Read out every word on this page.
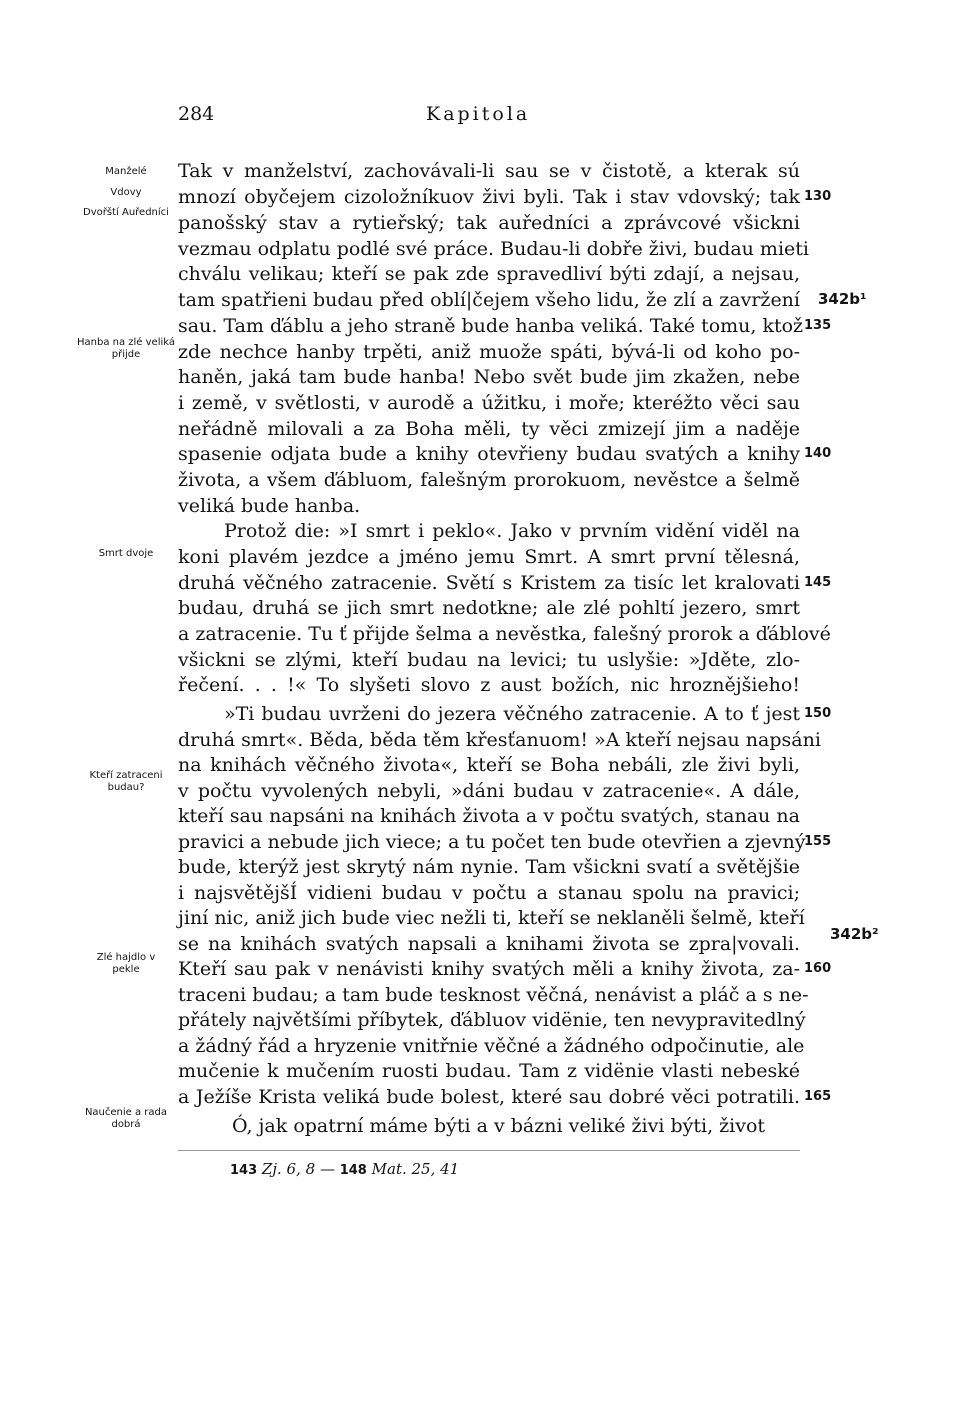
284	Kapitola
Manželé
Vdovy
Dvořští Auředníci
Hanba na zlé veliká přijde
Smrt dvoje
Kteří zatraceni budau?
Zlé hajdlo v pekle
Naučenie a rada dobrá
Tak v manželství, zachovávali-li sau se v čistotě, a kterak sú
mnozí obyčejem cizoložníkuov živi byli. Tak i stav vdovský; tak
panošský stav a rytieřský; tak auředníci a zprávcové všickni
vezmau odplatu podlé své práce. Budau-li dobře živi, budau mieti
chválu velikau; kteří se pak zde spravedliví býti zdají, a nejsau,
tam spatřieni budau před oblí|čejem všeho lidu, že zlí a zavržení
sau. Tam ďáblu a jeho straně bude hanba veliká. Také tomu, ktož
zde nechce hanby trpěti, aniž muože spáti, bývá-li od koho po-
haněn, jaká tam bude hanba! Nebo svět bude jim zkažen, nebe
i země, v světlosti, v aurodě a úžitku, i moře; kteréžto věci sau
neřádně milovali a za Boha měli, ty věci zmizejí jim a naděje
spasenie odjata bude a knihy otevřieny budau svatých a knihy
života, a všem ďábluom, falešným prorokuom, nevěstce a šelmě
veliká bude hanba.
Protož die: »I smrt i peklo«. Jako v prvním vidění viděl na
koni plavém jezdce a jméno jemu Smrt. A smrt první tělesná,
druhá věčného zatracenie. Světí s Kristem za tisíc let kralovati
budau, druhá se jich smrt nedotkne; ale zlé pohltí jezero, smrt
a zatracenie. Tu ť přijde šelma a nevěstka, falešný prorok a ďáblové
všickni se zlými, kteří budau na levici; tu uslyšie: »Jděte, zlo-
řečení. . . !« To slyšeti slovo z aust božích, nic hroznějšieho!
»Ti budau uvrženi do jezera věčného zatracenie. A to ť jest
druhá smrt«. Běda, běda těm křesťanuom! »A kteří nejsau napsáni
na knihách věčného života«, kteří se Boha nebáli, zle živi byli,
v počtu vyvolených nebyli, »dáni budau v zatracenie«. A dále,
kteří sau napsáni na knihách života a v počtu svatých, stanau na
pravici a nebude jich viece; a tu počet ten bude otevřien a zjevný
bude, kterýž jest skrytý nám nynie. Tam všickni svatí a světějšie
i najsvětějšÍ vidieni budau v počtu a stanau spolu na pravici;
jiní nic, aniž jich bude viec nežli ti, kteří se neklaněli šelmě, kteří
se na knihách svatých napsali a knihami života se zpra|vovali.
Kteří sau pak v nenávisti knihy svatých měli a knihy života, za-
traceni budau; a tam bude tesknost věčná, nenávist a pláč a s ne-
přátely najvětšími příbytek, ďábluov vidënie, ten nevypravitedlný
a žádný řád a hryzenie vnitřnie věčné a žádného odpočinutie, ale
mučenie k mučením ruosti budau. Tam z vidënie vlasti nebeské
a Ježíše Krista veliká bude bolest, které sau dobré věci potratili.
Ó, jak opatrní máme býti a v bázni veliké živi býti, život
130
135
140
145
150
155
160
165
342b¹
342b²
143 Zj. 6, 8 — 148 Mat. 25, 41
